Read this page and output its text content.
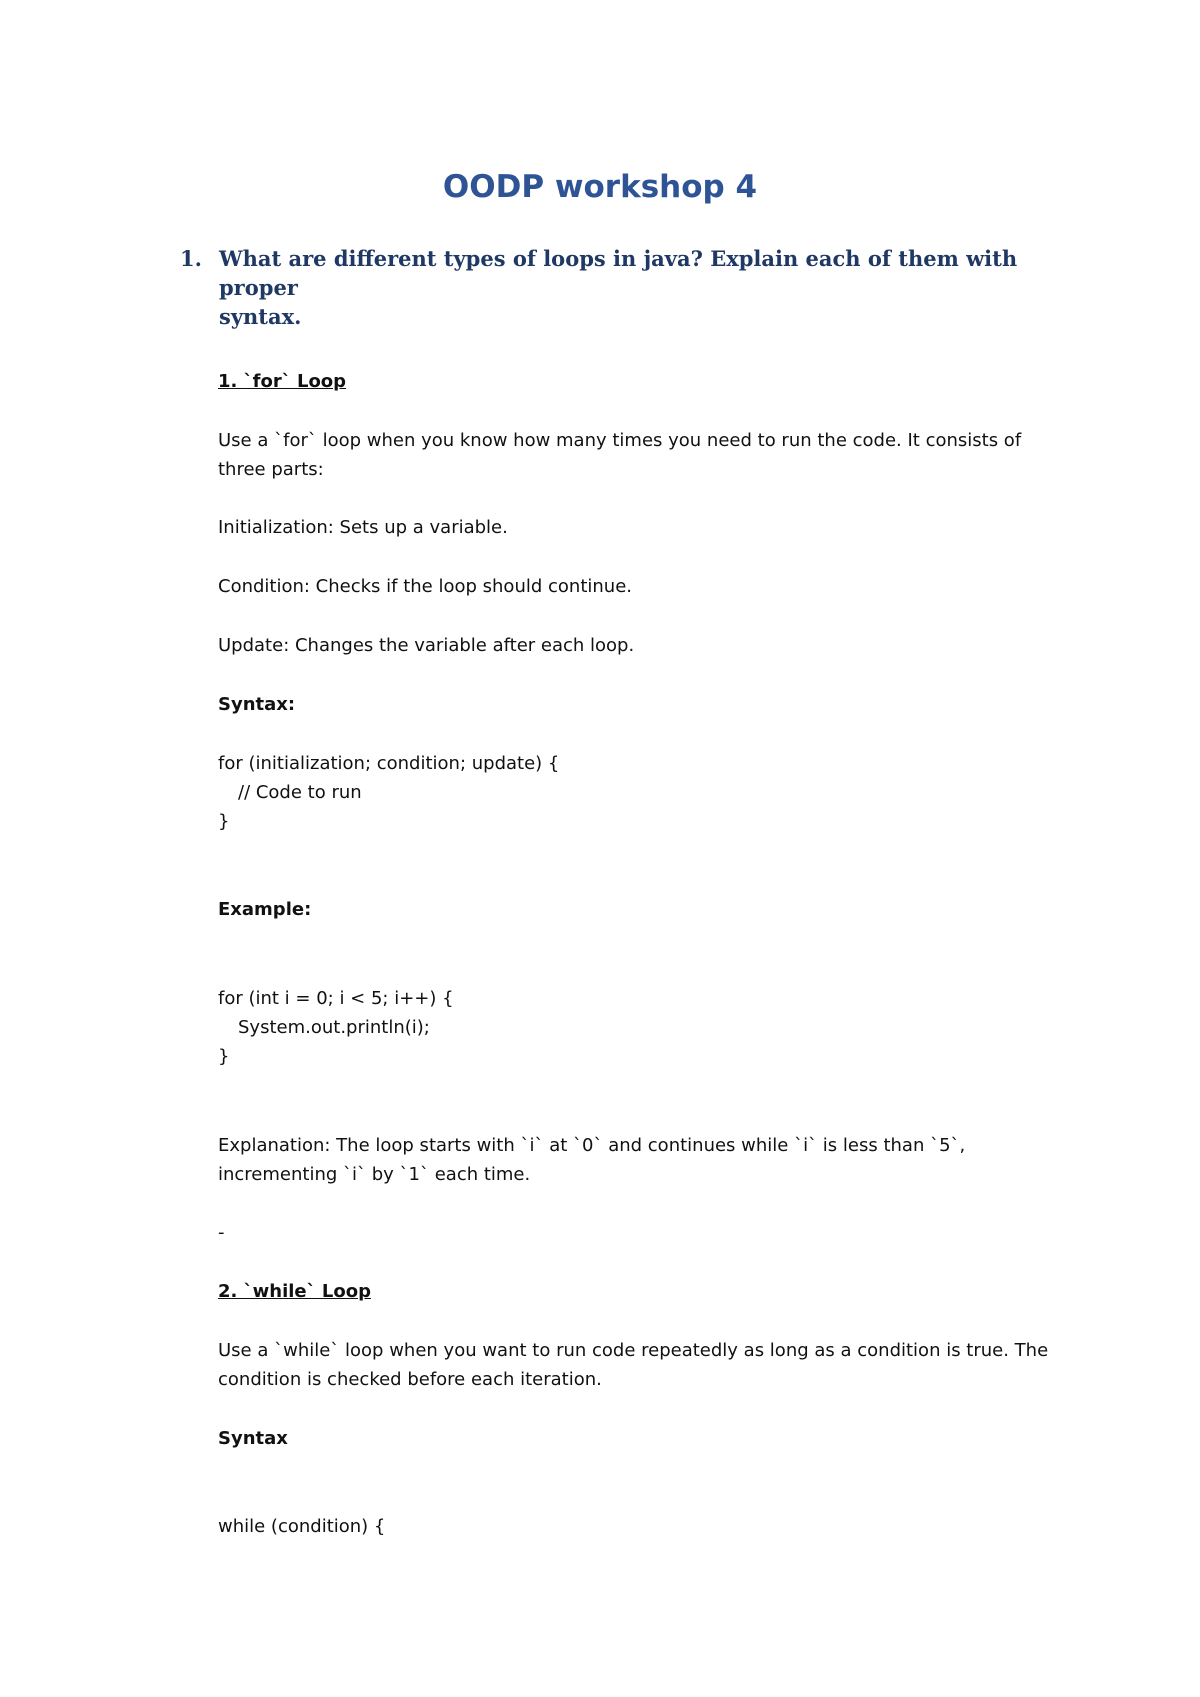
OODP workshop 4
1. What are different types of loops in java? Explain each of them with proper
syntax.

1. `for` Loop

Use a `for` loop when you know how many times you need to run the code. It consists of

three parts:

Initialization: Sets up a variable.

Condition: Checks if the loop should continue.

Update: Changes the variable after each loop.

Syntax:

for (initialization; condition; update) {

// Code to run

}

Example:

for (int i = 0; i < 5; i++) {

System.out.println(i);

}

Explanation: The loop starts with `i` at `0` and continues while `i` is less than `5`,

incrementing `i` by `1` each time.

-

2. `while` Loop

Use a `while` loop when you want to run code repeatedly as long as a condition is true. The

condition is checked before each iteration.

Syntax

while (condition) {
